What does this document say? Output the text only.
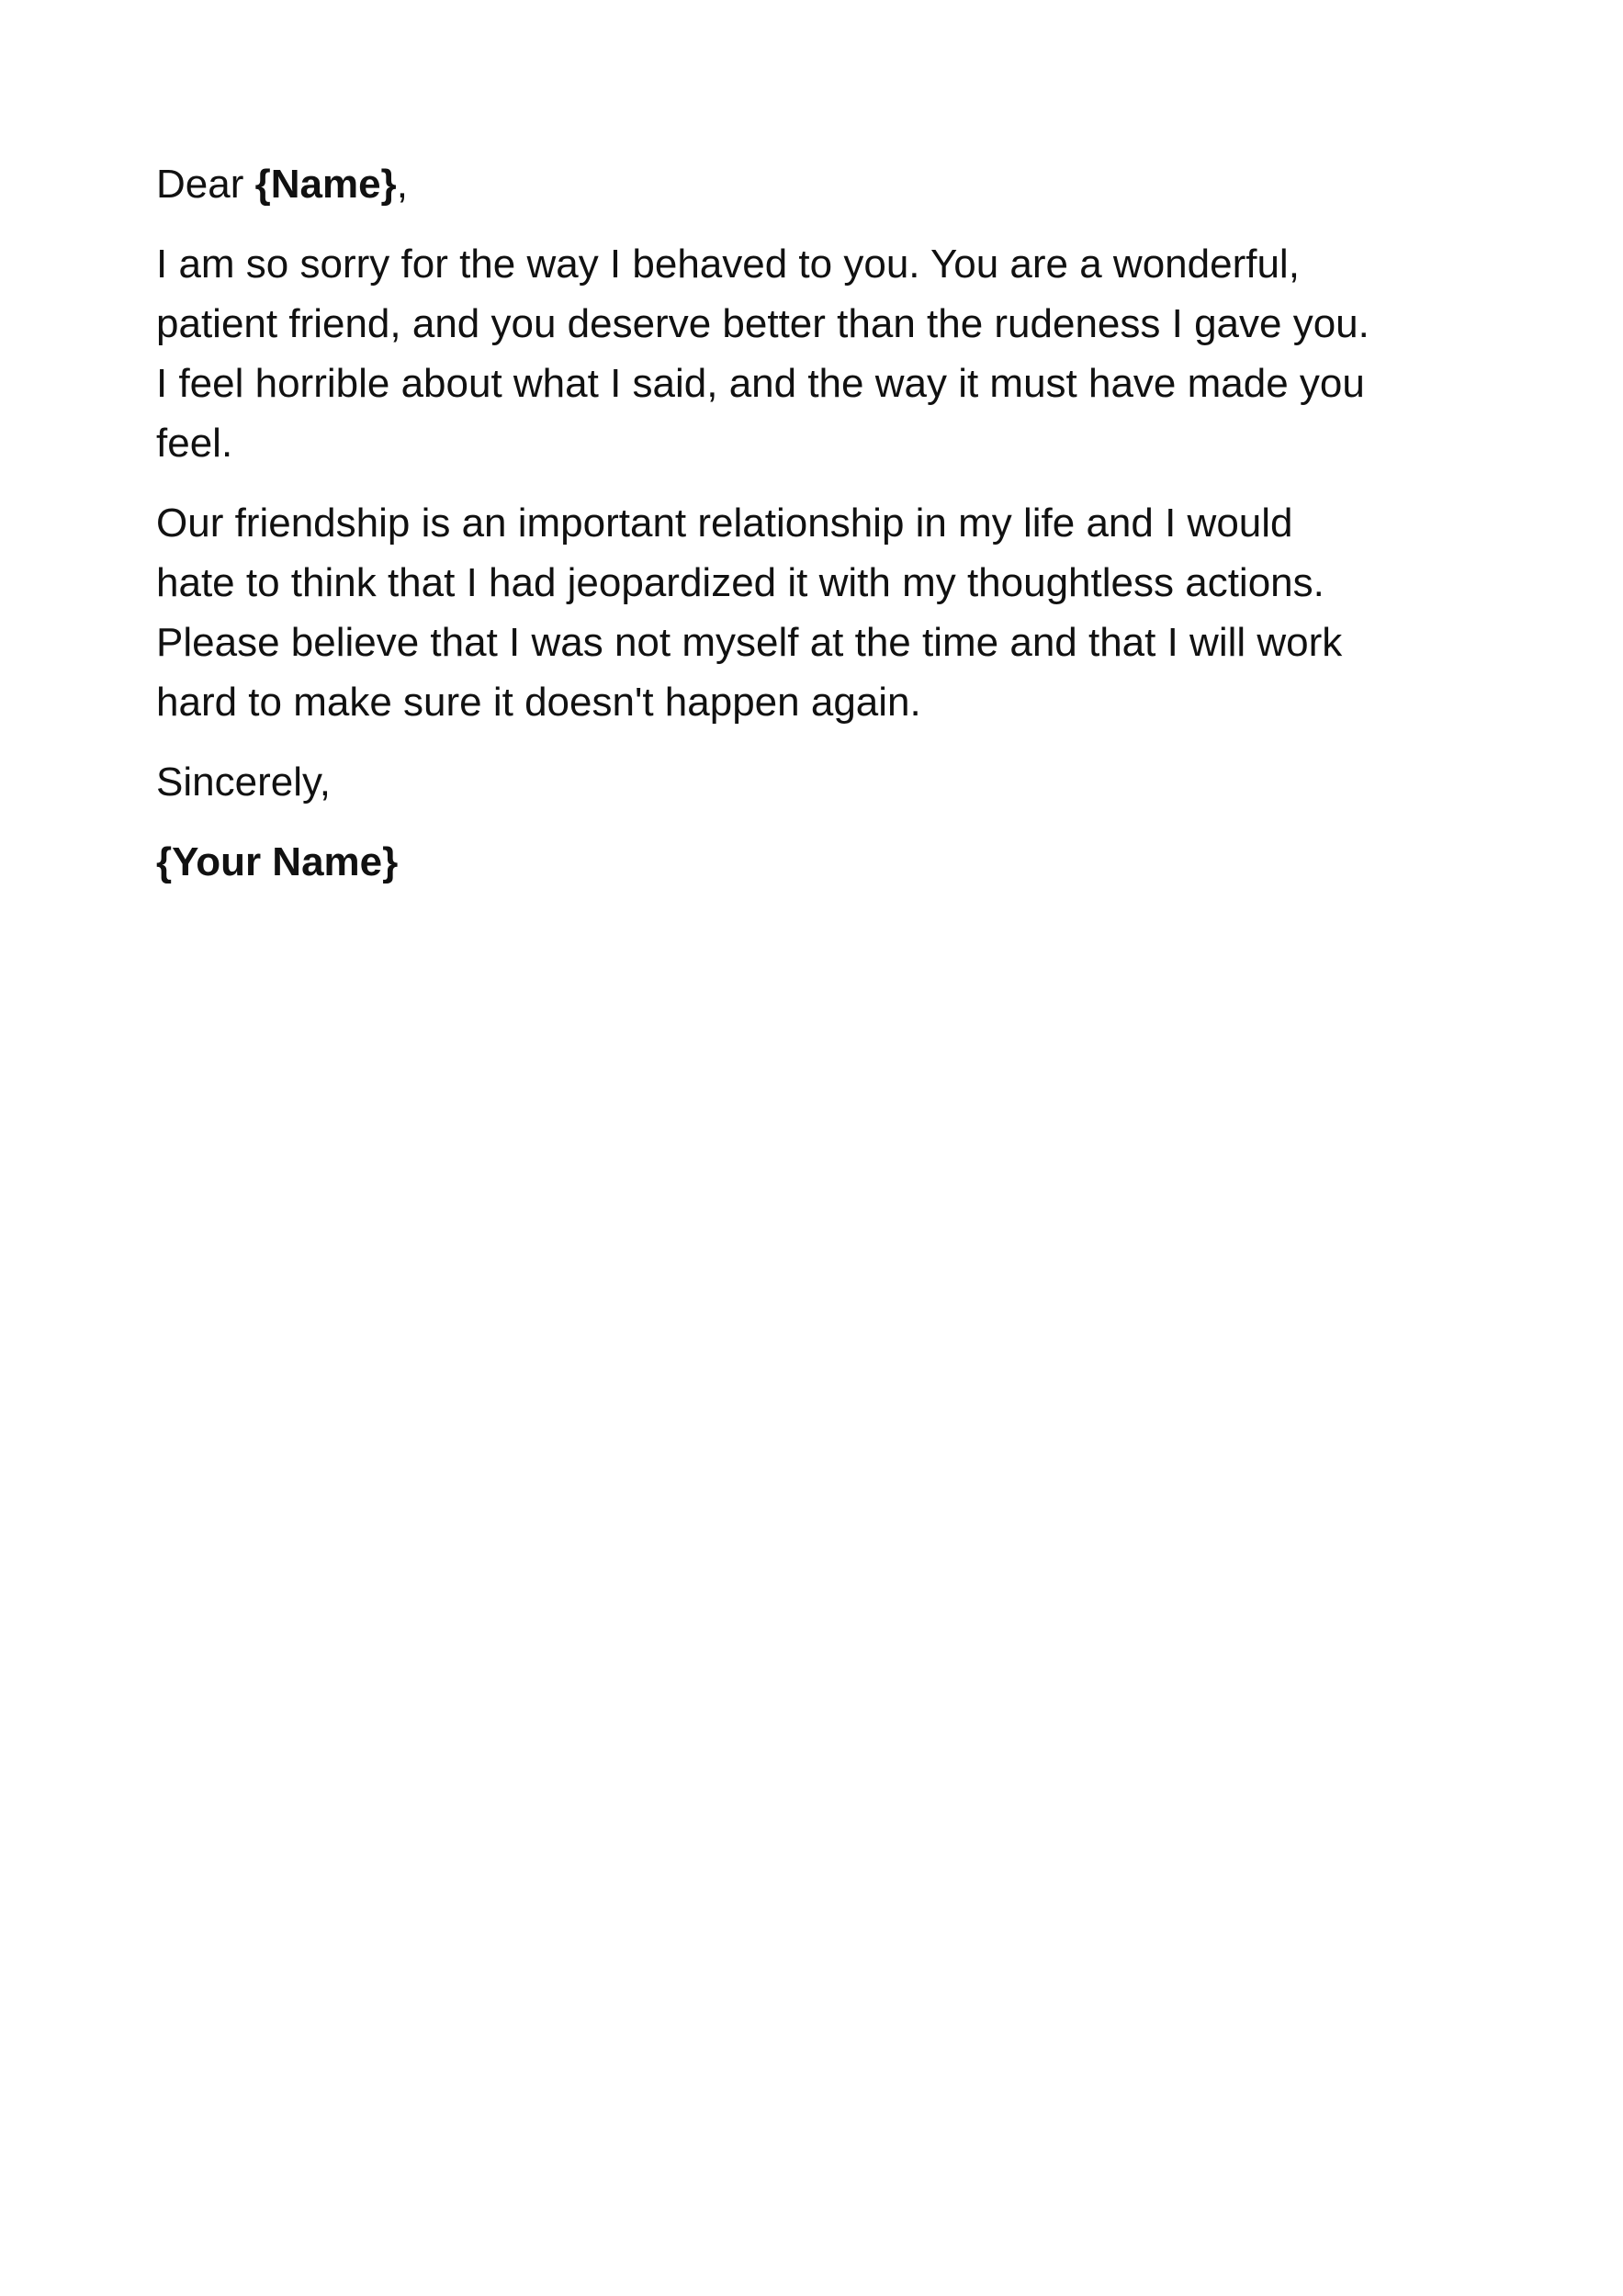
Dear {Name},

I am so sorry for the way I behaved to you. You are a wonderful,
patient friend, and you deserve better than the rudeness I gave you.
I feel horrible about what I said, and the way it must have made you
feel.

Our friendship is an important relationship in my life and I would
hate to think that I had jeopardized it with my thoughtless actions.
Please believe that I was not myself at the time and that I will work
hard to make sure it doesn't happen again.

Sincerely,

{Your Name}
